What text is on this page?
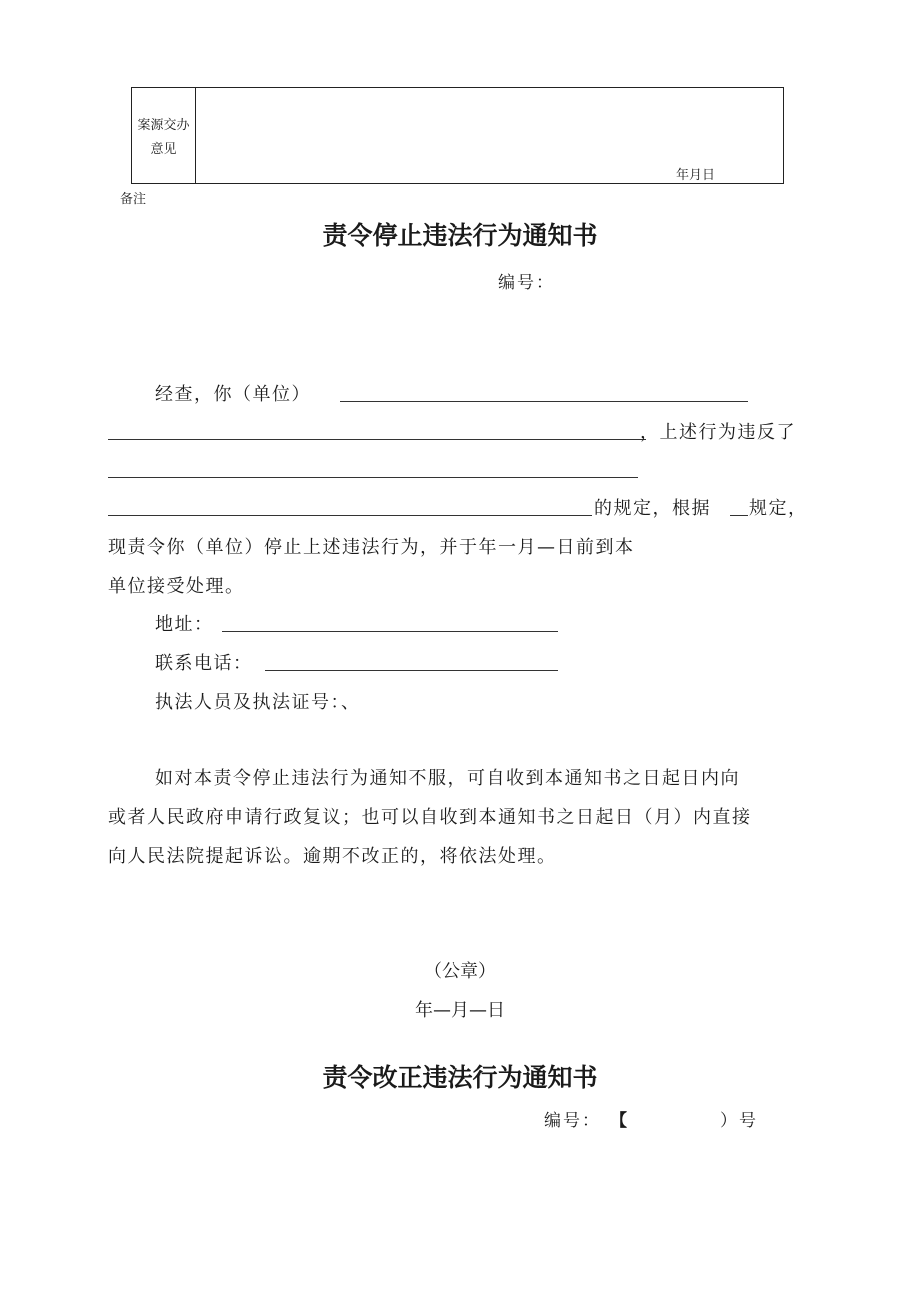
案源交办
意见
年月日
备注
责令停止违法行为通知书
编号：
经查，你（单位）
，上述行为违反了
的规定，根据 规定，
现责令你（单位）停止上述违法行为，并于年一月—日前到本
单位接受处理。
地址：
联系电话：
执法人员及执法证号：、
如对本责令停止违法行为通知不服，可自收到本通知书之日起日内向
或者人民政府申请行政复议；也可以自收到本通知书之日起日（月）内直接
向人民法院提起诉讼。逾期不改正的，将依法处理。
（公章）
年—月—日
责令改正违法行为通知书
编号： 【	）号
